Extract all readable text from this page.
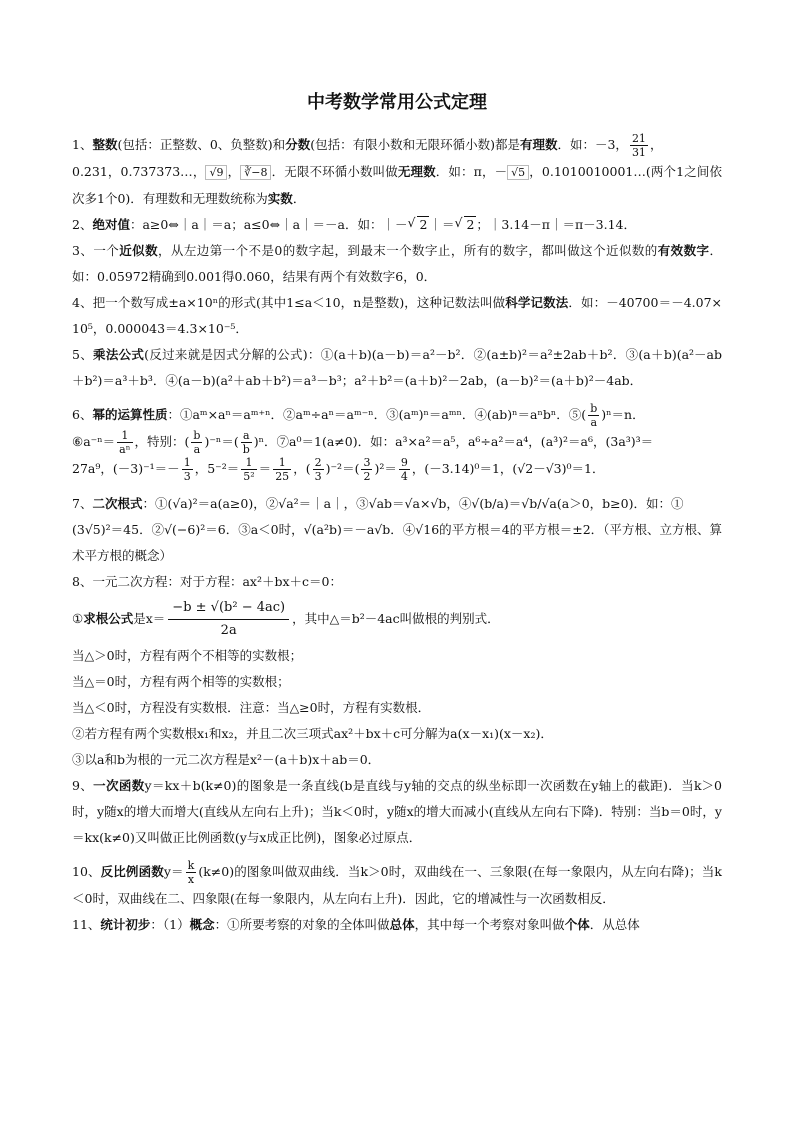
中考数学常用公式定理

1、整数(包括：正整数、0、负整数)和分数(包括：有限小数和无限环循小数)都是有理数．如：－3， $\frac{21}{31}$ ，
0.231，0.737373…， √9 ， ∛−8 ．无限不环循小数叫做无理数．如：π，－ √5 ，0.1010010001…(两个1之间依次多1个0)．有理数和无理数统称为实数．

2、绝对值：a≥0⇔｜a｜＝a；a≤0⇔｜a｜＝－a．如：｜－ √ 2 ｜＝ √ 2 ；｜3.14－π｜＝π－3.14．

3、一个近似数，从左边第一个不是0的数字起，到最末一个数字止，所有的数字，都叫做这个近似数的有效数字．如：0.05972精确到0.001得0.060，结果有两个有效数字6，0．

4、把一个数写成±a×10ⁿ的形式(其中1≤a＜10，n是整数)，这种记数法叫做科学记数法．如：－40700＝－4.07×10⁵，0.000043＝4.3×10⁻⁵．

5、乘法公式(反过来就是因式分解的公式)：①(a＋b)(a－b)＝a²－b²．②(a±b)²＝a²±2ab＋b²．③(a＋b)(a²－ab＋b²)＝a³＋b³．④(a－b)(a²＋ab＋b²)＝a³－b³；a²＋b²＝(a＋b)²－2ab，(a－b)²＝(a＋b)²－4ab．

6、幂的运算性质：①aᵐ×aⁿ＝aᵐ⁺ⁿ．②aᵐ÷aⁿ＝aᵐ⁻ⁿ．③(aᵐ)ⁿ＝aᵐⁿ．④(ab)ⁿ＝aⁿbⁿ．⑤( $\frac{b}{a} )^n=n$．
⑥a⁻ⁿ＝ $\frac{1}{\text{aⁿ}}$ ，特别：( $\frac{b}{a} )^{-n}=( \frac{a}{b} )^n$．⑦a⁰＝1(a≠0)．如：a³×a²＝a⁵，a⁶÷a²＝a⁴，(a³)²＝a⁶，(3a³)³＝
27a⁹，$(-3)^{-1}=- \frac{1}{3}$ ，$5^{-2}= \frac{1}{\text{5²}} = \frac{1}{25}$ ，( $\frac{2}{3} )^{-2}=( \frac{3}{2} )^2= \frac{9}{4}$ ，(－3.14)⁰＝1，(√2－√3)⁰＝1．

7、二次根式：①(√a)²＝a(a≥0)，②√a²＝｜a｜，③√ab＝√a×√b，④√(b/a)＝√b/√a(a＞0，b≥0)．如：①
(3√5)²＝45．②√(−6)²＝6．③a＜0时，√(a²b)＝－a√b．④√16的平方根＝4的平方根＝±2．（平方根、立方根、算术平方根的概念）

8、一元二次方程：对于方程：ax²＋bx＋c＝0：

①求根公式是$x= \frac{\text{−b ± √(b² − 4ac)}}{2a}$ ，其中△＝b²－4ac叫做根的判别式．

当△＞0时，方程有两个不相等的实数根；

当△＝0时，方程有两个相等的实数根；

当△＜0时，方程没有实数根．注意：当△≥0时，方程有实数根．

②若方程有两个实数根x₁和x₂，并且二次三项式ax²＋bx＋c可分解为a(x－x₁)(x－x₂)．

③以a和b为根的一元二次方程是x²－(a＋b)x＋ab＝0．

9、一次函数y＝kx＋b(k≠0)的图象是一条直线(b是直线与y轴的交点的纵坐标即一次函数在y轴上的截距)．当k＞0时，y随x的增大而增大(直线从左向右上升)；当k＜0时，y随x的增大而减小(直线从左向右下降)．特别：当b＝0时，y＝kx(k≠0)又叫做正比例函数(y与x成正比例)，图象必过原点．

10、反比例函数$y= \frac{k}{x} (k\ne 0)$的图象叫做双曲线．当k＞0时，双曲线在一、三象限(在每一象限内，从左向右降)；当k＜0时，双曲线在二、四象限(在每一象限内，从左向右上升)．因此，它的增减性与一次函数相反．

11、统计初步：（1）概念：①所要考察的对象的全体叫做总体，其中每一个考察对象叫做个体．从总体
